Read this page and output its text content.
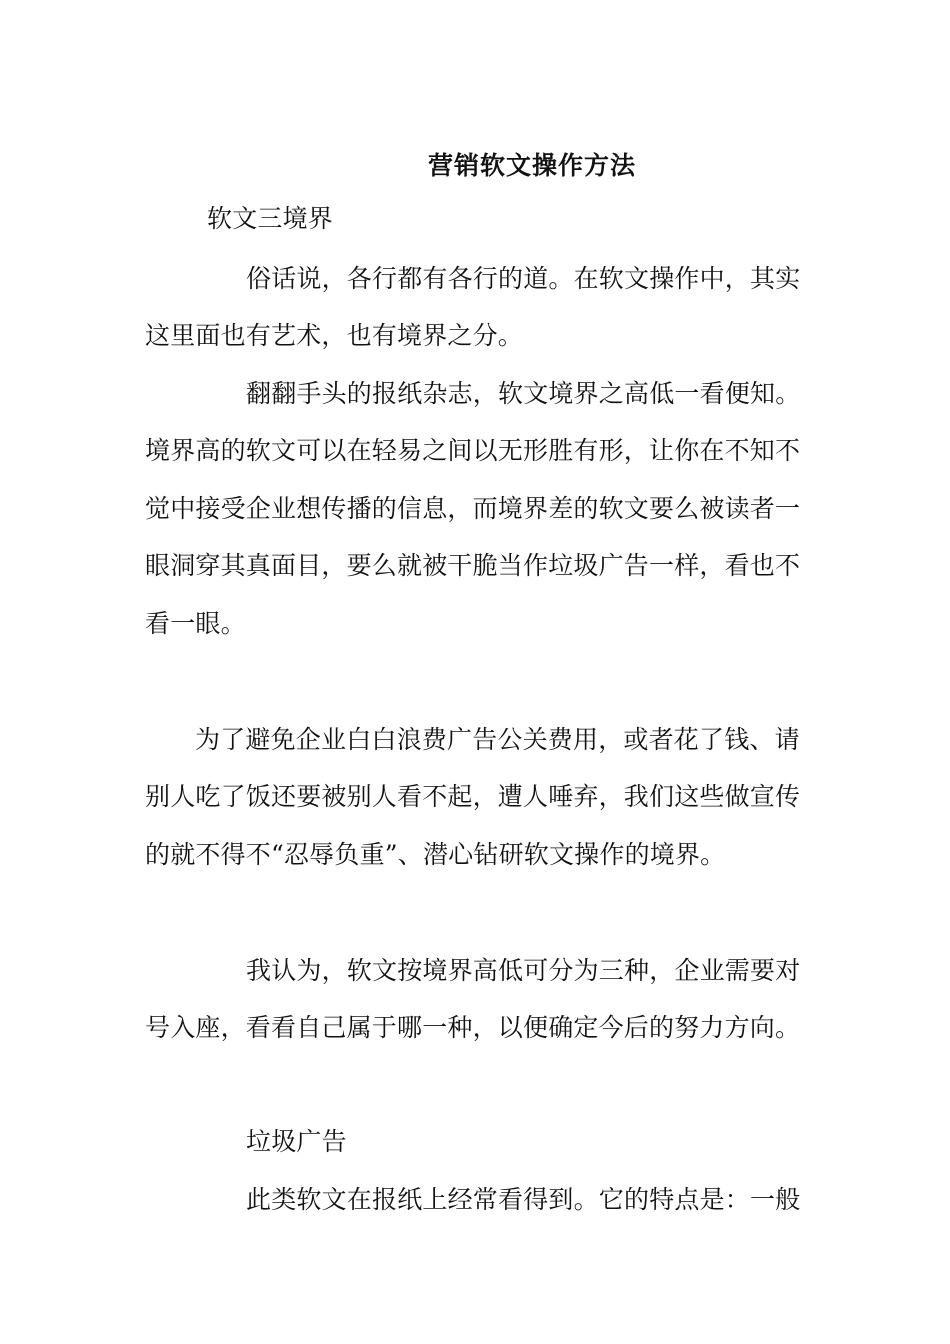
营销软文操作方法
软文三境界
俗话说，各行都有各行的道。在软文操作中，其实
这里面也有艺术，也有境界之分。
翻翻手头的报纸杂志，软文境界之高低一看便知。
境界高的软文可以在轻易之间以无形胜有形，让你在不知不
觉中接受企业想传播的信息，而境界差的软文要么被读者一
眼洞穿其真面目，要么就被干脆当作垃圾广告一样，看也不
看一眼。
为了避免企业白白浪费广告公关费用，或者花了钱、请
别人吃了饭还要被别人看不起，遭人唾弃，我们这些做宣传
的就不得不“忍辱负重”、潜心钻研软文操作的境界。
我认为，软文按境界高低可分为三种，企业需要对
号入座，看看自己属于哪一种，以便确定今后的努力方向。
垃圾广告
此类软文在报纸上经常看得到。它的特点是：一般
